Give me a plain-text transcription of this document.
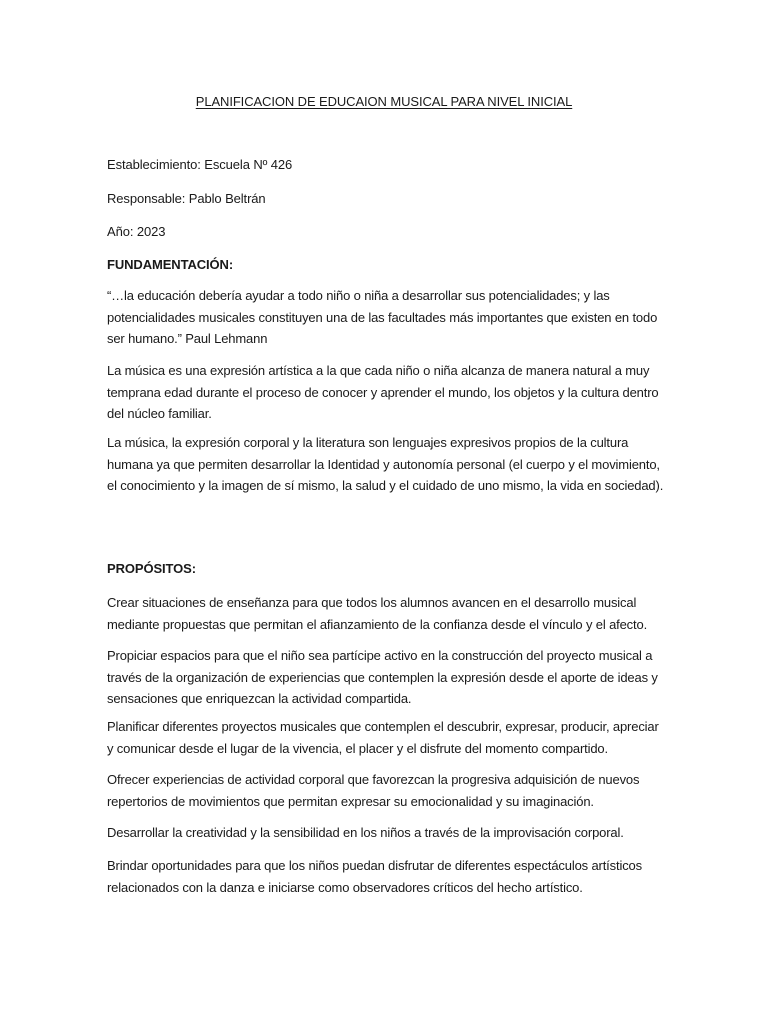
PLANIFICACION DE EDUCAION MUSICAL PARA NIVEL INICIAL
Establecimiento: Escuela Nº 426
Responsable: Pablo Beltrán
Año: 2023
FUNDAMENTACIÓN:
“…la educación debería ayudar a todo niño o niña a desarrollar sus potencialidades; y las potencialidades musicales constituyen una de las facultades más importantes que existen en todo ser humano.” Paul Lehmann
La música es una expresión artística a la que cada niño o niña alcanza de manera natural a muy temprana edad durante el proceso de conocer y aprender el mundo, los objetos y la cultura dentro del núcleo familiar.
La música, la expresión corporal y la literatura son lenguajes expresivos propios de la cultura humana ya que permiten desarrollar la Identidad y autonomía personal (el cuerpo y el movimiento, el conocimiento y la imagen de sí mismo, la salud y el cuidado de uno mismo, la vida en sociedad).
PROPÓSITOS:
Crear situaciones de enseñanza para que todos los alumnos avancen en el desarrollo musical mediante propuestas que permitan el afianzamiento de la confianza desde el vínculo y el afecto.
Propiciar espacios para que el niño sea partícipe activo en la construcción del proyecto musical a través de la organización de experiencias que contemplen la expresión desde el aporte de ideas y sensaciones que enriquezcan la actividad compartida.
Planificar diferentes proyectos musicales que contemplen el descubrir, expresar, producir, apreciar y comunicar desde el lugar de la vivencia, el placer y el disfrute del momento compartido.
Ofrecer experiencias de actividad corporal que favorezcan la progresiva adquisición de nuevos repertorios de movimientos que permitan expresar su emocionalidad y su imaginación.
Desarrollar la creatividad y la sensibilidad en los niños a través de la improvisación corporal.
Brindar oportunidades para que los niños puedan disfrutar de diferentes espectáculos artísticos relacionados con la danza e iniciarse como observadores críticos del hecho artístico.
